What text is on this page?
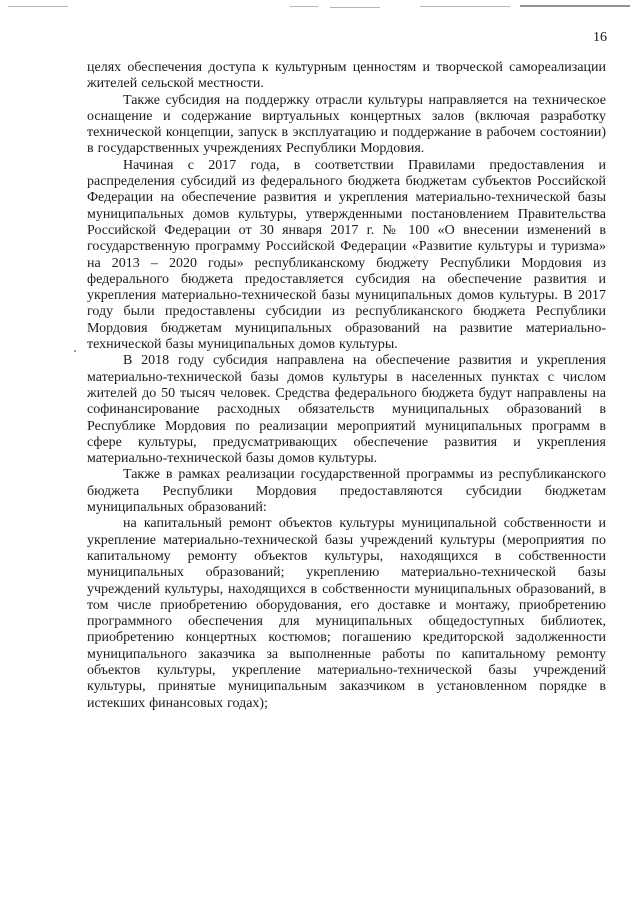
16

целях обеспечения доступа к культурным ценностям и творческой самореализации жителей сельской местности.

Также субсидия на поддержку отрасли культуры направляется на техническое оснащение и содержание виртуальных концертных залов (включая разработку технической концепции, запуск в эксплуатацию и поддержание в рабочем состоянии) в государственных учреждениях Республики Мордовия.

Начиная с 2017 года, в соответствии Правилами предоставления и распределения субсидий из федерального бюджета бюджетам субъектов Российской Федерации на обеспечение развития и укрепления материально-технической базы муниципальных домов культуры, утвержденными постановлением Правительства Российской Федерации от 30 января 2017 г. № 100 «О внесении изменений в государственную программу Российской Федерации «Развитие культуры и туризма» на 2013 – 2020 годы» республиканскому бюджету Республики Мордовия из федерального бюджета предоставляется субсидия на обеспечение развития и укрепления материально-технической базы муниципальных домов культуры. В 2017 году были предоставлены субсидии из республиканского бюджета Республики Мордовия бюджетам муниципальных образований на развитие материально-технической базы муниципальных домов культуры.

В 2018 году субсидия направлена на обеспечение развития и укрепления материально-технической базы домов культуры в населенных пунктах с числом жителей до 50 тысяч человек. Средства федерального бюджета будут направлены на софинансирование расходных обязательств муниципальных образований в Республике Мордовия по реализации мероприятий муниципальных программ в сфере культуры, предусматривающих обеспечение развития и укрепления материально-технической базы домов культуры.

Также в рамках реализации государственной программы из республиканского бюджета Республики Мордовия предоставляются субсидии бюджетам муниципальных образований:

на капитальный ремонт объектов культуры муниципальной собственности и укрепление материально-технической базы учреждений культуры (мероприятия по капитальному ремонту объектов культуры, находящихся в собственности муниципальных образований; укреплению материально-технической базы учреждений культуры, находящихся в собственности муниципальных образований, в том числе приобретению оборудования, его доставке и монтажу, приобретению программного обеспечения для муниципальных общедоступных библиотек, приобретению концертных костюмов; погашению кредиторской задолженности муниципального заказчика за выполненные работы по капитальному ремонту объектов культуры, укрепление материально-технической базы учреждений культуры, принятые муниципальным заказчиком в установленном порядке в истекших финансовых годах);
